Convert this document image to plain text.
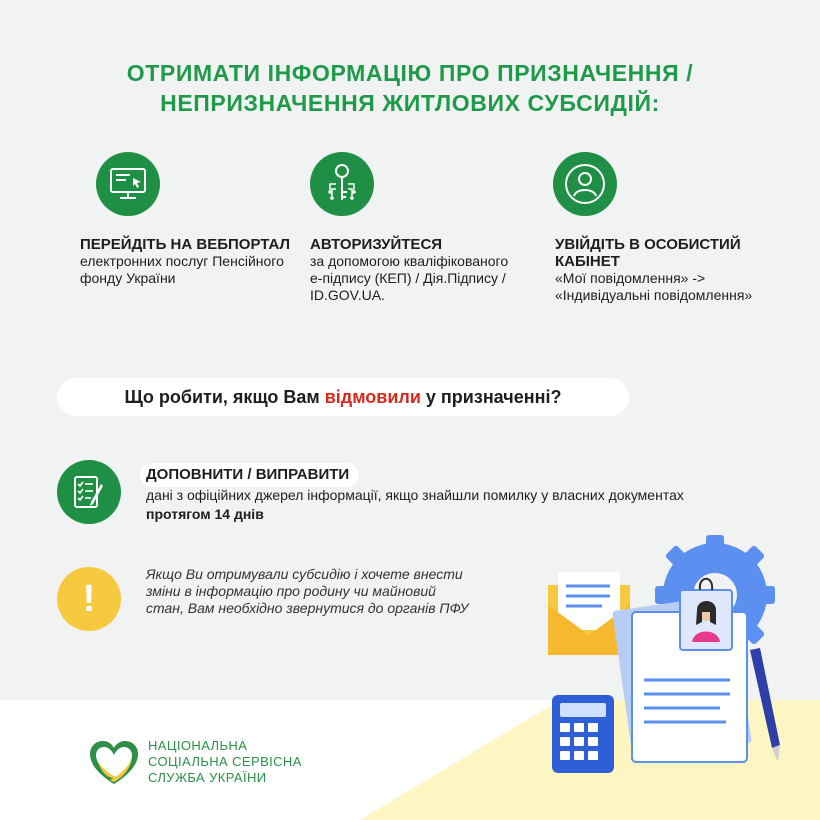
ОТРИМАТИ ІНФОРМАЦІЮ ПРО ПРИЗНАЧЕННЯ /
НЕПРИЗНАЧЕННЯ ЖИТЛОВИХ СУБСИДІЙ:
ПЕРЕЙДІТЬ НА ВЕБПОРТАЛ
електронних послуг Пенсійного фонду України
АВТОРИЗУЙТЕСЯ
за допомогою кваліфікованого е-підпису (КЕП) / Дія.Підпису / ID.GOV.UA.
УВІЙДІТЬ В ОСОБИСТИЙ КАБІНЕТ
«Мої повідомлення» -> «Індивідуальні повідомлення»
Що робити, якщо Вам відмовили у призначенні?
ДОПОВНИТИ / ВИПРАВИТИ
дані з офіційних джерел інформації, якщо знайшли помилку у власних документах протягом 14 днів
!
Якщо Ви отримували субсидію і хочете внести зміни в інформацію про родину чи майновий стан, Вам необхідно звернутися до органів ПФУ
НАЦІОНАЛЬНА
СОЦІАЛЬНА СЕРВІСНА
СЛУЖБА УКРАЇНИ
